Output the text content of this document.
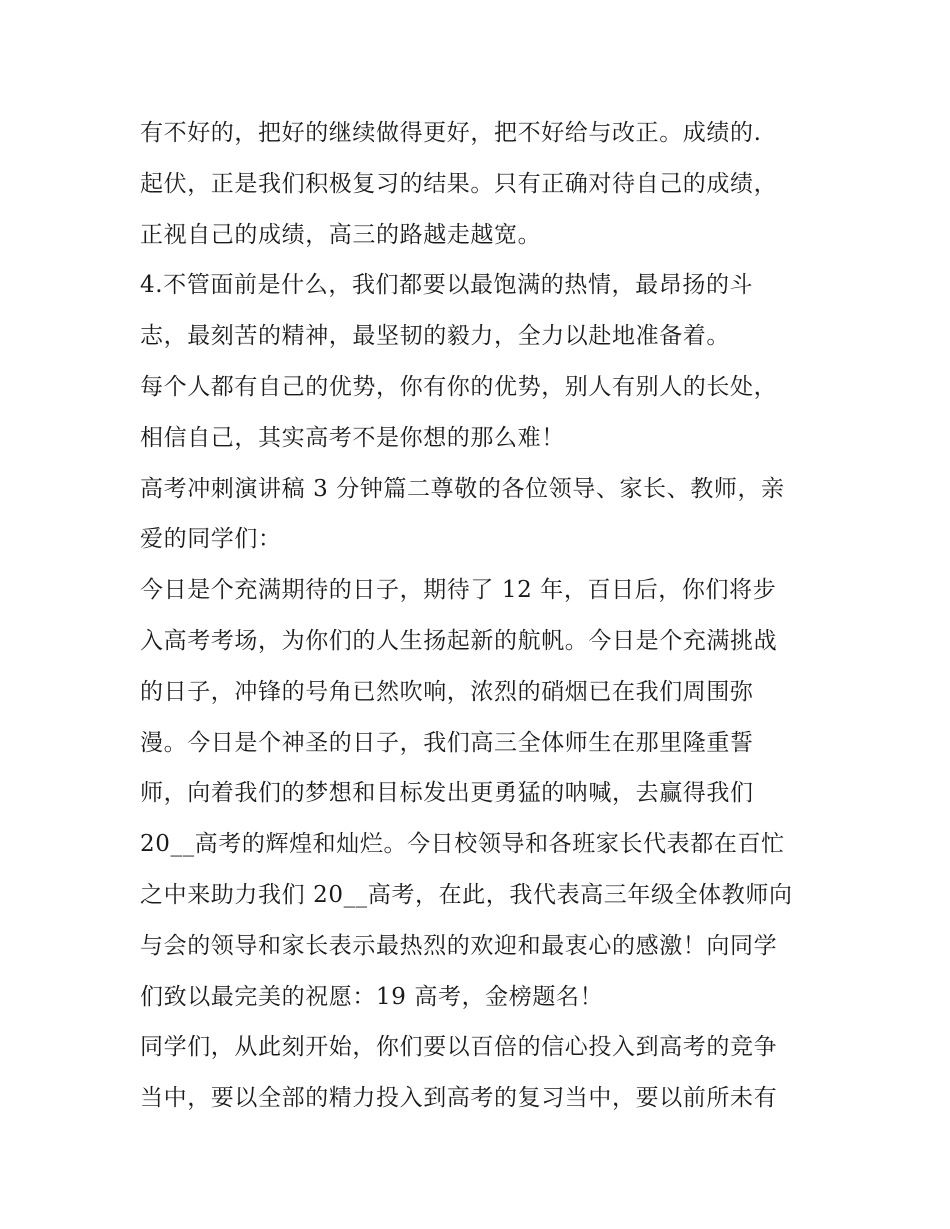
有不好的，把好的继续做得更好，把不好给与改正。成绩的.
起伏，正是我们积极复习的结果。只有正确对待自己的成绩，
正视自己的成绩，高三的路越走越宽。
4.不管面前是什么，我们都要以最饱满的热情，最昂扬的斗
志，最刻苦的精神，最坚韧的毅力，全力以赴地准备着。
每个人都有自己的优势，你有你的优势，别人有别人的长处，
相信自己，其实高考不是你想的那么难！
高考冲刺演讲稿 3 分钟篇二尊敬的各位领导、家长、教师，亲
爱的同学们：
今日是个充满期待的日子，期待了 12 年，百日后，你们将步
入高考考场，为你们的人生扬起新的航帆。今日是个充满挑战
的日子，冲锋的号角已然吹响，浓烈的硝烟已在我们周围弥
漫。今日是个神圣的日子，我们高三全体师生在那里隆重誓
师，向着我们的梦想和目标发出更勇猛的呐喊，去赢得我们
20__高考的辉煌和灿烂。今日校领导和各班家长代表都在百忙
之中来助力我们 20__高考，在此，我代表高三年级全体教师向
与会的领导和家长表示最热烈的欢迎和最衷心的感激！向同学
们致以最完美的祝愿：19 高考，金榜题名！
同学们，从此刻开始，你们要以百倍的信心投入到高考的竞争
当中，要以全部的精力投入到高考的复习当中，要以前所未有
